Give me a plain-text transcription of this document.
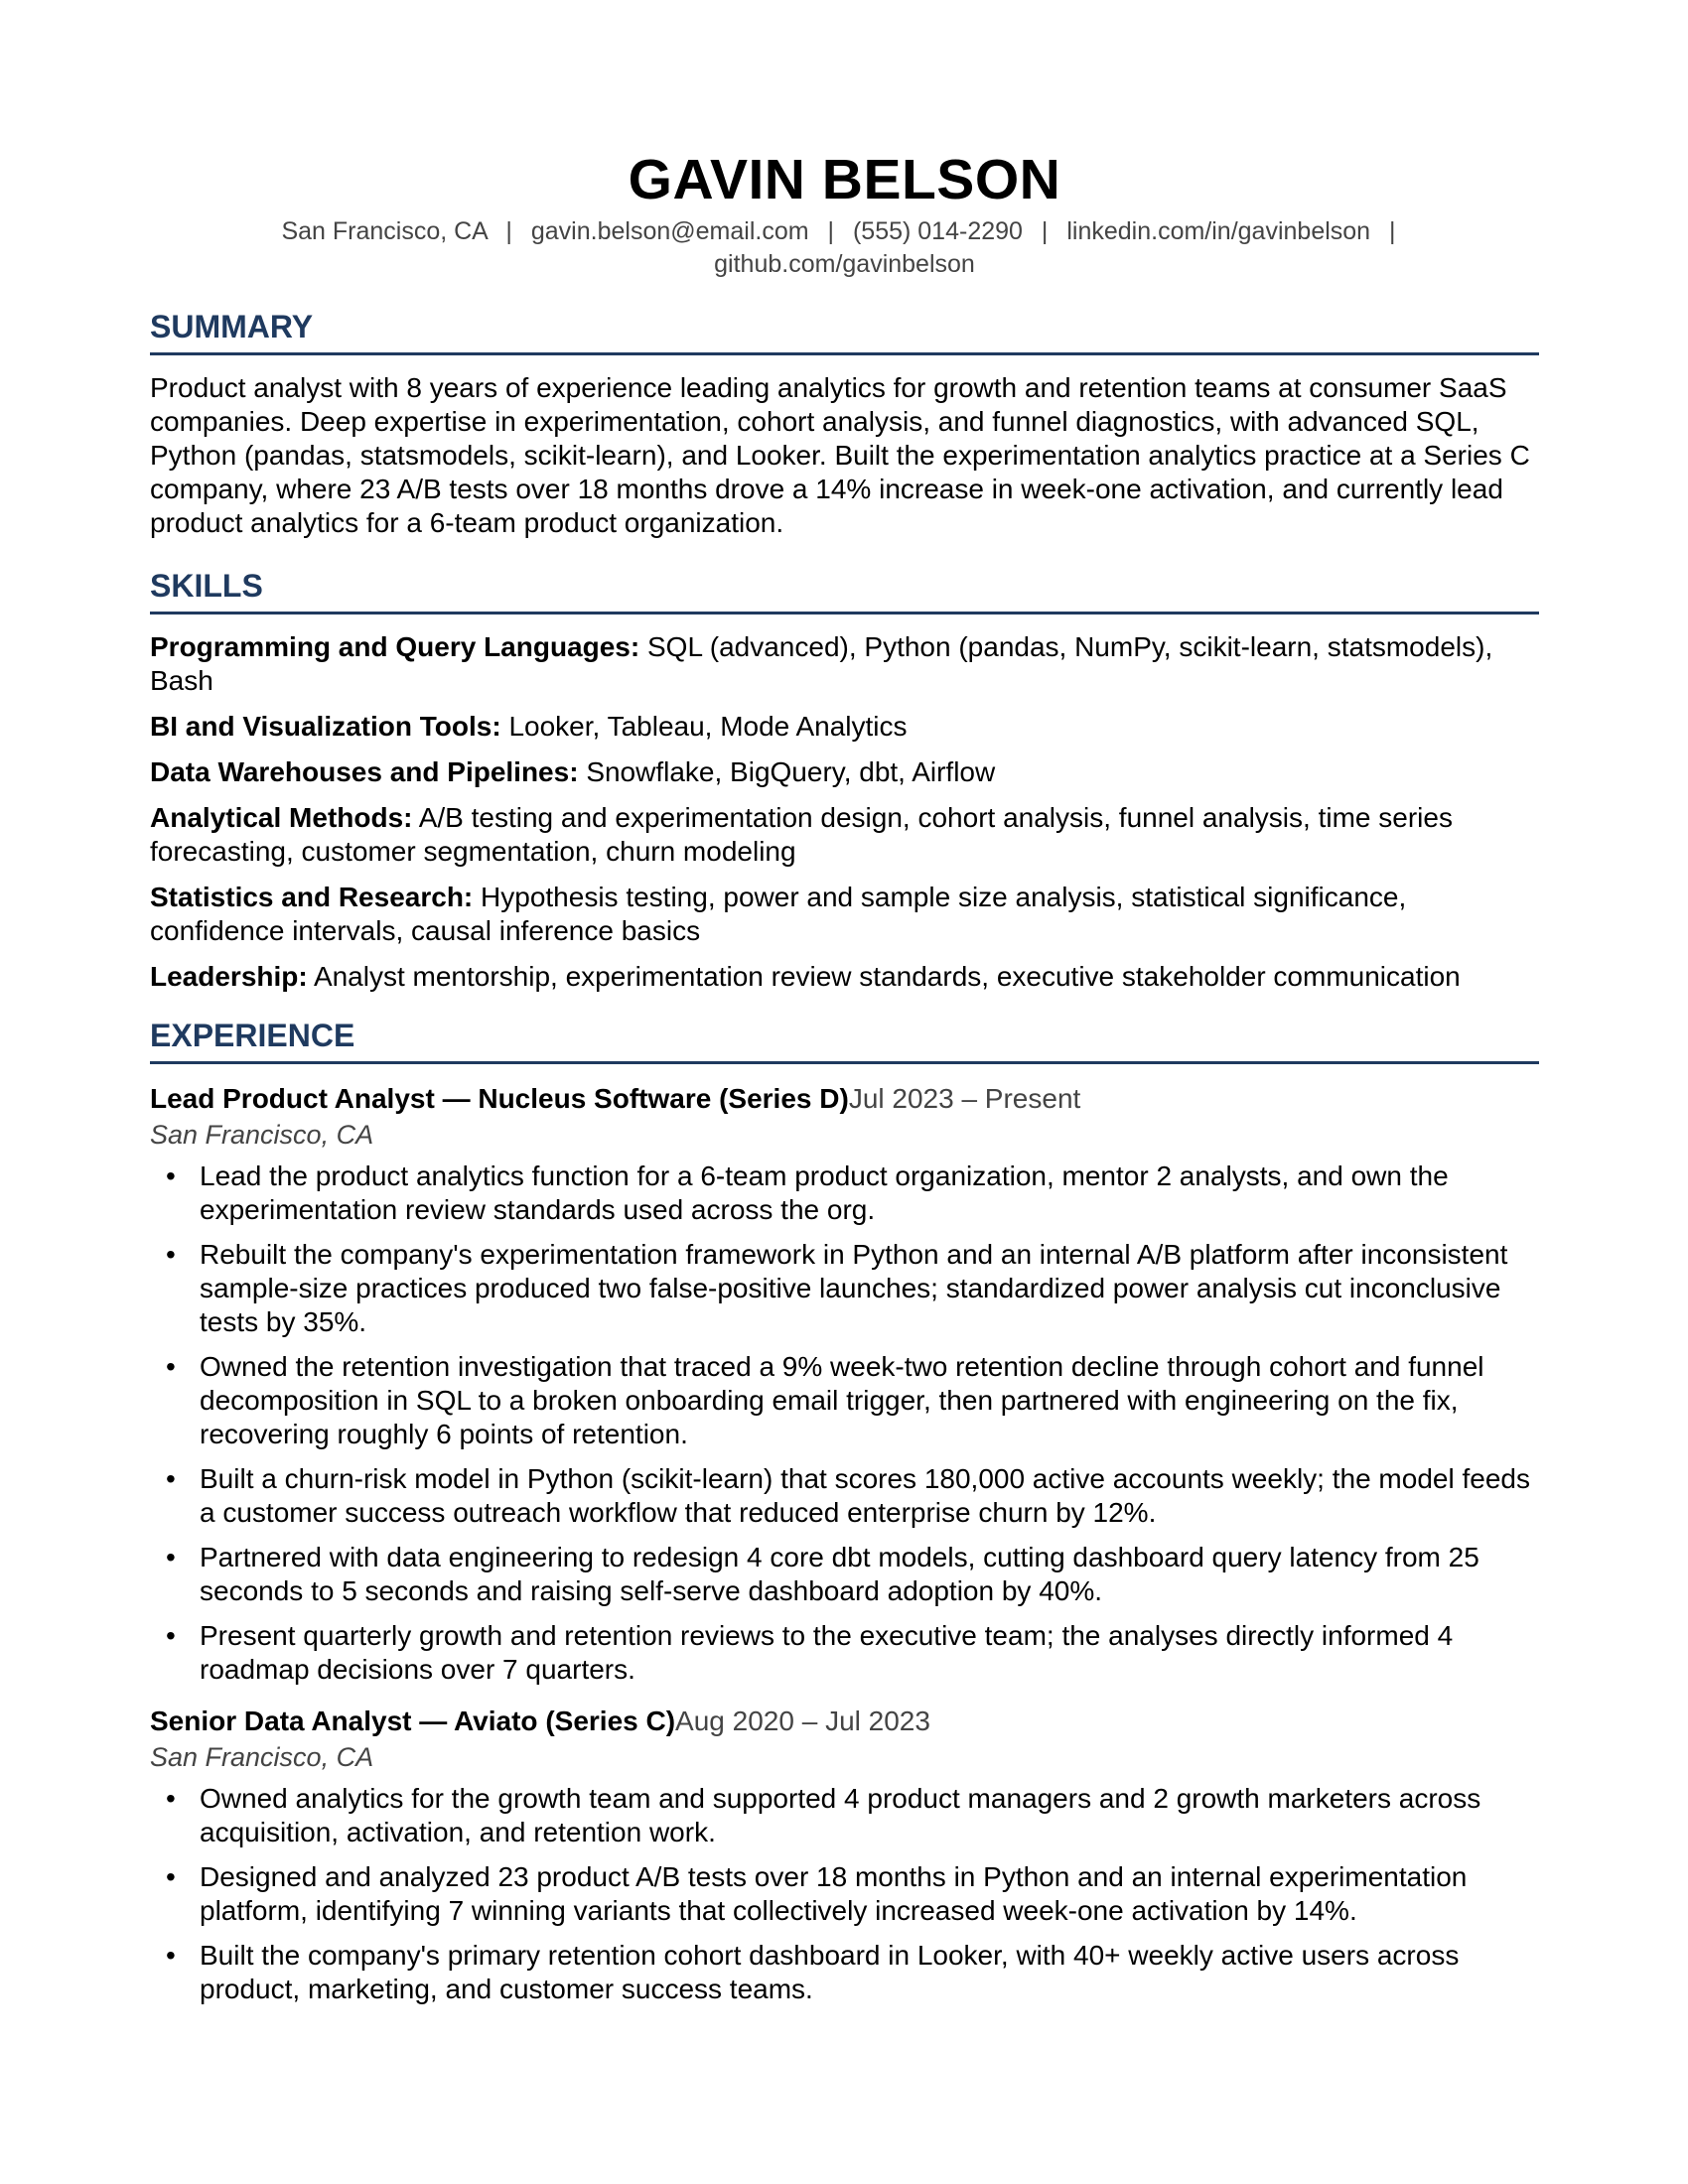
GAVIN BELSON
San Francisco, CA | gavin.belson@email.com | (555) 014-2290 | linkedin.com/in/gavinbelson | github.com/gavinbelson
SUMMARY

Product analyst with 8 years of experience leading analytics for growth and retention teams at consumer SaaS companies. Deep expertise in experimentation, cohort analysis, and funnel diagnostics, with advanced SQL, Python (pandas, statsmodels, scikit-learn), and Looker. Built the experimentation analytics practice at a Series C company, where 23 A/B tests over 18 months drove a 14% increase in week-one activation, and currently lead product analytics for a 6-team product organization.

SKILLS

Programming and Query Languages: SQL (advanced), Python (pandas, NumPy, scikit-learn, statsmodels), Bash

BI and Visualization Tools: Looker, Tableau, Mode Analytics

Data Warehouses and Pipelines: Snowflake, BigQuery, dbt, Airflow

Analytical Methods: A/B testing and experimentation design, cohort analysis, funnel analysis, time series forecasting, customer segmentation, churn modeling

Statistics and Research: Hypothesis testing, power and sample size analysis, statistical significance, confidence intervals, causal inference basics

Leadership: Analyst mentorship, experimentation review standards, executive stakeholder communication

EXPERIENCE

Lead Product Analyst — Nucleus Software (Series D)Jul 2023 – Present

San Francisco, CA

• Lead the product analytics function for a 6-team product organization, mentor 2 analysts, and own the experimentation review standards used across the org.
• Rebuilt the company's experimentation framework in Python and an internal A/B platform after inconsistent sample-size practices produced two false-positive launches; standardized power analysis cut inconclusive tests by 35%.
• Owned the retention investigation that traced a 9% week-two retention decline through cohort and funnel decomposition in SQL to a broken onboarding email trigger, then partnered with engineering on the fix, recovering roughly 6 points of retention.
• Built a churn-risk model in Python (scikit-learn) that scores 180,000 active accounts weekly; the model feeds a customer success outreach workflow that reduced enterprise churn by 12%.
• Partnered with data engineering to redesign 4 core dbt models, cutting dashboard query latency from 25 seconds to 5 seconds and raising self-serve dashboard adoption by 40%.
• Present quarterly growth and retention reviews to the executive team; the analyses directly informed 4 roadmap decisions over 7 quarters.

Senior Data Analyst — Aviato (Series C)Aug 2020 – Jul 2023

San Francisco, CA

• Owned analytics for the growth team and supported 4 product managers and 2 growth marketers across acquisition, activation, and retention work.
• Designed and analyzed 23 product A/B tests over 18 months in Python and an internal experimentation platform, identifying 7 winning variants that collectively increased week-one activation by 14%.
• Built the company's primary retention cohort dashboard in Looker, with 40+ weekly active users across product, marketing, and customer success teams.
